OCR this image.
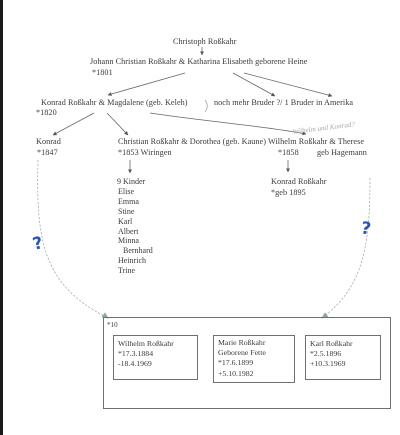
Christoph Roßkahr
Johann Christian Roßkahr & Katharina Elisabeth geborene Heine
*1801
Konrad Roßkahr & Magdalene (geb. Keleh)
*1820
noch mehr Bruder ?/ 1 Bruder in Amerika
Konrad
*1847
Christian Roßkahr & Dorothea (geb. Kaune)
*1853 Wiringen
Wilhelm Roßkahr & Therese
*1858 geb Hagemann
Wilhelm und Konrad?
9 Kinder
Elise
Emma
Stine
Karl
Albert
Minna
Bernhard
Heinrich
Trine
Konrad Roßkahr
*geb 1895
?
?
*10
Wilhelm Roßkahr
*17.3.1884
-18.4.1969
Marie Roßkahr
Geborene Fette
*17.6.1899
+5.10.1982
Karl Roßkahr
*2.5.1896
+10.3.1969
